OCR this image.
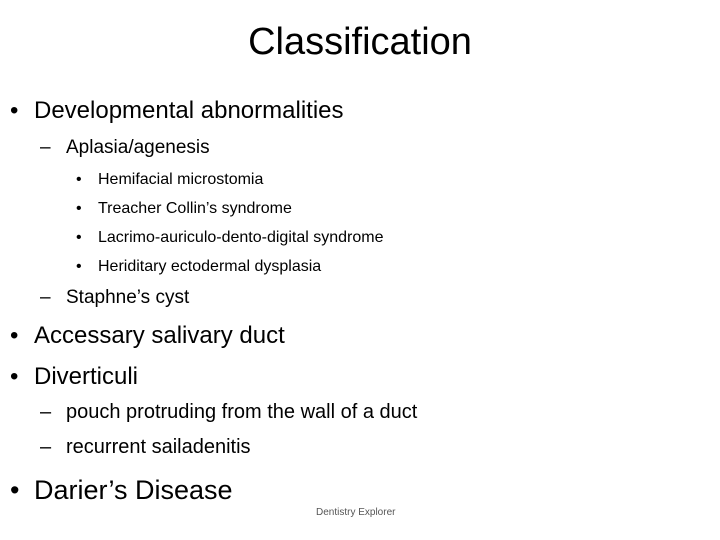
Classification
• Developmental abnormalities
– Aplasia/agenesis
• Hemifacial microstomia
• Treacher Collin’s syndrome
• Lacrimo-auriculo-dento-digital syndrome
• Heriditary ectodermal dysplasia
– Staphne’s cyst
• Accessary salivary duct
• Diverticuli
– pouch protruding from the wall of a duct
– recurrent sailadenitis
• Darier’s Disease
Dentistry Explorer
